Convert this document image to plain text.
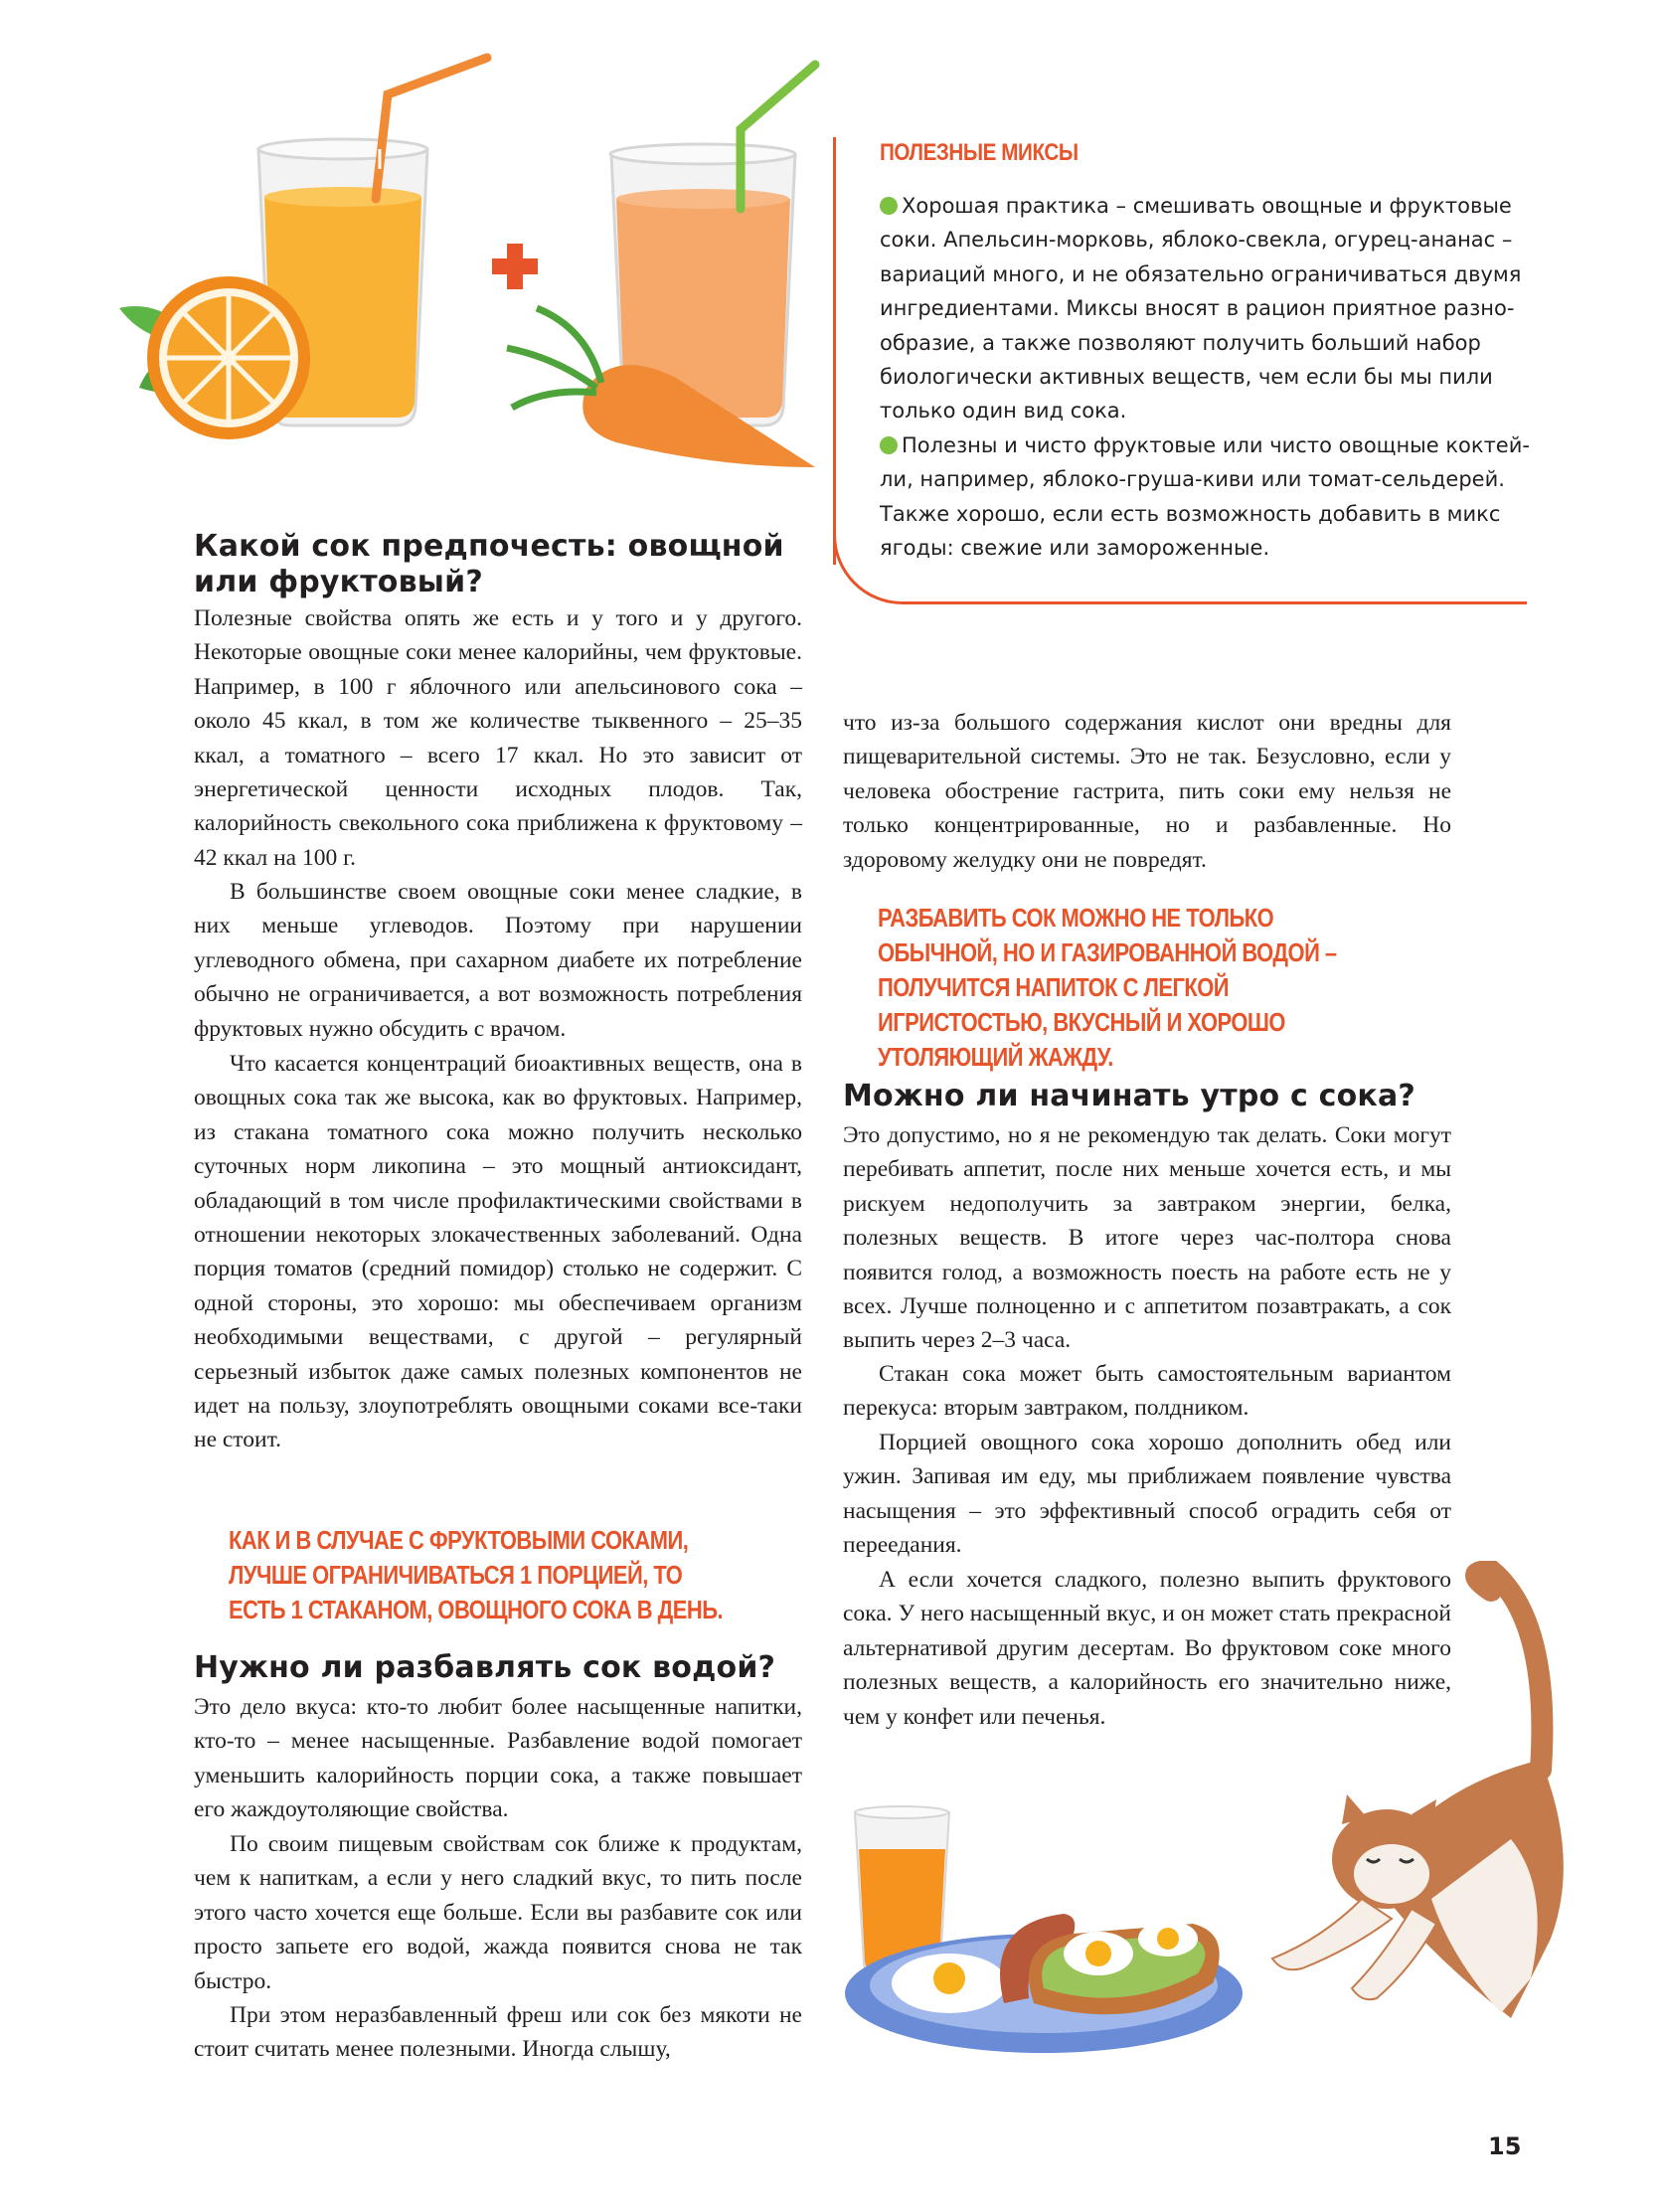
ПОЛЕЗНЫЕ МИКСЫ

Хорошая практика – смешивать овощные и фруктовые соки. Апельсин-морковь, яблоко-свекла, огурец-ананас – вариаций много, и не обязательно ограничиваться двумя ингредиентами. Миксы вносят в рацион приятное разнообразие, а также позволяют получить больший набор биологически активных веществ, чем если бы мы пили только один вид сока.
Полезны и чисто фруктовые или чисто овощные коктейли, например, яблоко-груша-киви или томат-сельдерей. Также хорошо, если есть возможность добавить в микс ягоды: свежие или замороженные.

Какой сок предпочесть: овощной или фруктовый?

Полезные свойства опять же есть и у того и у другого. Некоторые овощные соки менее калорийны, чем фруктовые. Например, в 100 г яблочного или апельсинового сока – около 45 ккал, в том же количестве тыквенного – 25–35 ккал, а томатного – всего 17 ккал. Но это зависит от энергетической ценности исходных плодов. Так, калорийность свекольного сока приближена к фруктовому – 42 ккал на 100 г.

В большинстве своем овощные соки менее сладкие, в них меньше углеводов. Поэтому при нарушении углеводного обмена, при сахарном диабете их потребление обычно не ограничивается, а вот возможность потребления фруктовых нужно обсудить с врачом.

Что касается концентраций биоактивных веществ, она в овощных сока так же высока, как во фруктовых. Например, из стакана томатного сока можно получить несколько суточных норм ликопина – это мощный антиоксидант, обладающий в том числе профилактическими свойствами в отношении некоторых злокачественных заболеваний. Одна порция томатов (средний помидор) столько не содержит. С одной стороны, это хорошо: мы обеспечиваем организм необходимыми веществами, с другой – регулярный серьезный избыток даже самых полезных компонентов не идет на пользу, злоупотреблять овощными соками все-таки не стоит.

КАК И В СЛУЧАЕ С ФРУКТОВЫМИ СОКАМИ, ЛУЧШЕ ОГРАНИЧИВАТЬСЯ 1 ПОРЦИЕЙ, ТО ЕСТЬ 1 СТАКАНОМ, ОВОЩНОГО СОКА В ДЕНЬ.

Нужно ли разбавлять сок водой?

Это дело вкуса: кто-то любит более насыщенные напитки, кто-то – менее насыщенные. Разбавление водой помогает уменьшить калорийность порции сока, а также повышает его жаждоутоляющие свойства.

По своим пищевым свойствам сок ближе к продуктам, чем к напиткам, а если у него сладкий вкус, то пить после этого часто хочется еще больше. Если вы разбавите сок или просто запьете его водой, жажда появится снова не так быстро.

При этом неразбавленный фреш или сок без мякоти не стоит считать менее полезными. Иногда слышу,

что из-за большого содержания кислот они вредны для пищеварительной системы. Это не так. Безусловно, если у человека обострение гастрита, пить соки ему нельзя не только концентрированные, но и разбавленные. Но здоровому желудку они не повредят.

РАЗБАВИТЬ СОК МОЖНО НЕ ТОЛЬКО ОБЫЧНОЙ, НО И ГАЗИРОВАННОЙ ВОДОЙ – ПОЛУЧИТСЯ НАПИТОК С ЛЕГКОЙ ИГРИСТОСТЬЮ, ВКУСНЫЙ И ХОРОШО УТОЛЯЮЩИЙ ЖАЖДУ.

Можно ли начинать утро с сока?

Это допустимо, но я не рекомендую так делать. Соки могут перебивать аппетит, после них меньше хочется есть, и мы рискуем недополучить за завтраком энергии, белка, полезных веществ. В итоге через час-полтора снова появится голод, а возможность поесть на работе есть не у всех. Лучше полноценно и с аппетитом позавтракать, а сок выпить через 2–3 часа.

Стакан сока может быть самостоятельным вариантом перекуса: вторым завтраком, полдником.

Порцией овощного сока хорошо дополнить обед или ужин. Запивая им еду, мы приближаем появление чувства насыщения – это эффективный способ оградить себя от переедания.

А если хочется сладкого, полезно выпить фруктового сока. У него насыщенный вкус, и он может стать прекрасной альтернативой другим десертам. Во фруктовом соке много полезных веществ, а калорийность его значительно ниже, чем у конфет или печенья.

15
